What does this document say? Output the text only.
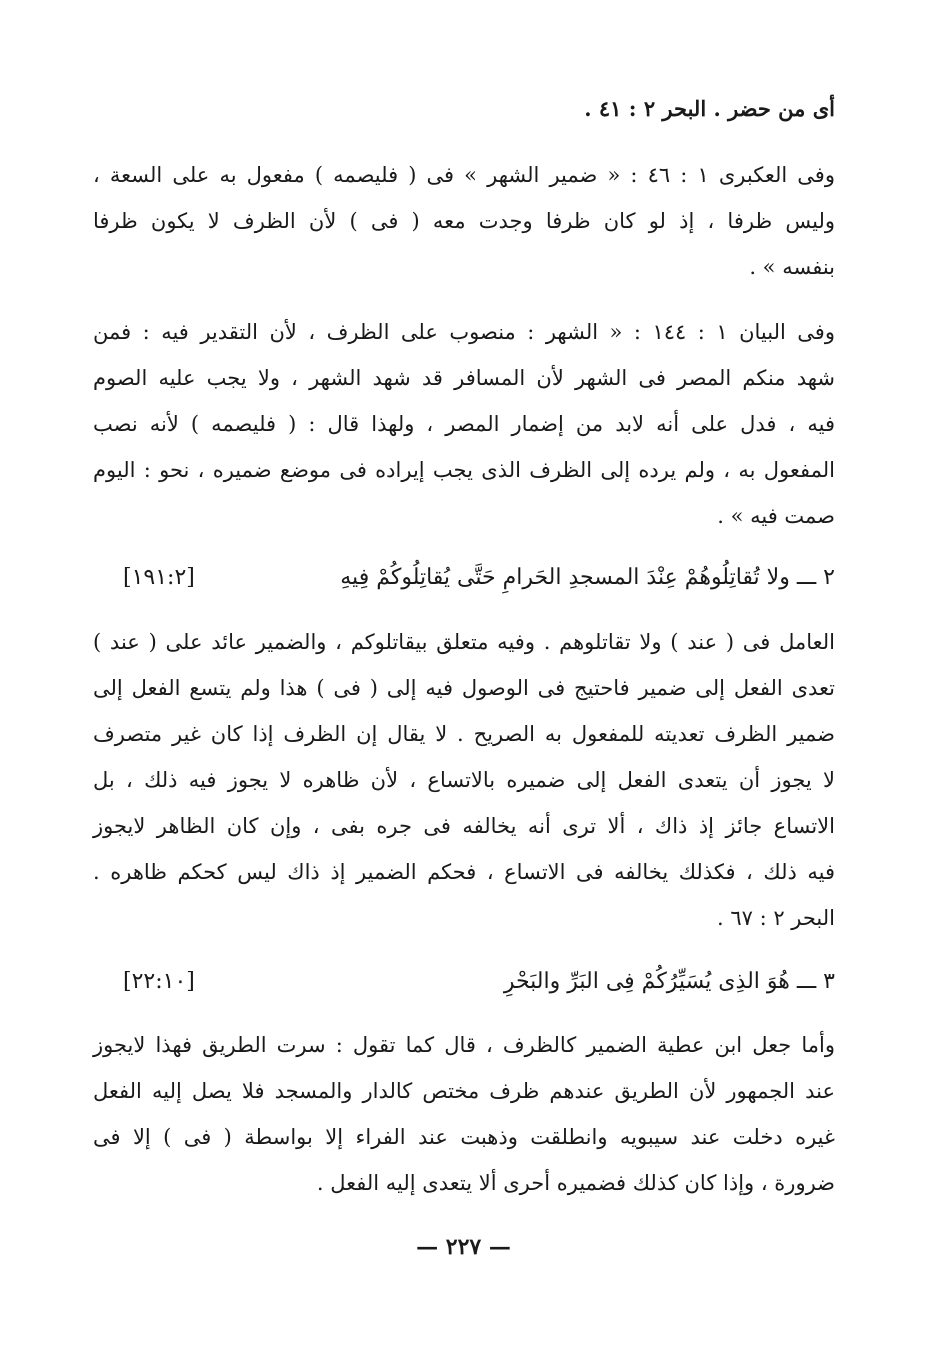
أى من حضر . البحر ٢ : ٤١ .
وفى العكبرى ١ : ٤٦ : « ضمير الشهر » فى ( فليصمه ) مفعول به على السعة ،
وليس ظرفا ، إذ لو كان ظرفا وجدت معه ( فى ) لأن الظرف لا يكون ظرفا
بنفسه » .
وفى البيان ١ : ١٤٤ : « الشهر : منصوب على الظرف ، لأن التقدير فيه : فمن
شهد منكم المصر فى الشهر لأن المسافر قد شهد الشهر ، ولا يجب عليه الصوم
فيه ، فدل على أنه لابد من إضمار المصر ، ولهذا قال : ( فليصمه ) لأنه نصب
المفعول به ، ولم يرده إلى الظرف الذى يجب إيراده فى موضع ضميره ، نحو : اليوم
صمت فيه » .
٢ ـــ ولا تُقاتِلُوهُمْ عِنْدَ المسجدِ الحَرامِ حَتَّى يُقاتِلُوكُمْ فِيهِ
[١٩١:٢]
العامل فى ( عند ) ولا تقاتلوهم . وفيه متعلق بيقاتلوكم ، والضمير عائد على ( عند )
تعدى الفعل إلى ضمير فاحتيج فى الوصول فيه إلى ( فى ) هذا ولم يتسع الفعل إلى
ضمير الظرف تعديته للمفعول به الصريح . لا يقال إن الظرف إذا كان غير متصرف
لا يجوز أن يتعدى الفعل إلى ضميره بالاتساع ، لأن ظاهره لا يجوز فيه ذلك ، بل
الاتساع جائز إذ ذاك ، ألا ترى أنه يخالفه فى جره بفى ، وإن كان الظاهر لايجوز
فيه ذلك ، فكذلك يخالفه فى الاتساع ، فحكم الضمير إذ ذاك ليس كحكم ظاهره .
البحر ٢ : ٦٧ .
٣ ـــ هُوَ الذِى يُسَيِّرُكُمْ فِى البَرِّ والبَحْرِ
[٢٢:١٠]
وأما جعل ابن عطية الضمير كالظرف ، قال كما تقول : سرت الطريق فهذا لايجوز
عند الجمهور لأن الطريق عندهم ظرف مختص كالدار والمسجد فلا يصل إليه الفعل
غيره دخلت عند سيبويه وانطلقت وذهبت عند الفراء إلا بواسطة ( فى ) إلا فى
ضرورة ، وإذا كان كذلك فضميره أحرى ألا يتعدى إليه الفعل .
— ٢٢٧ —
